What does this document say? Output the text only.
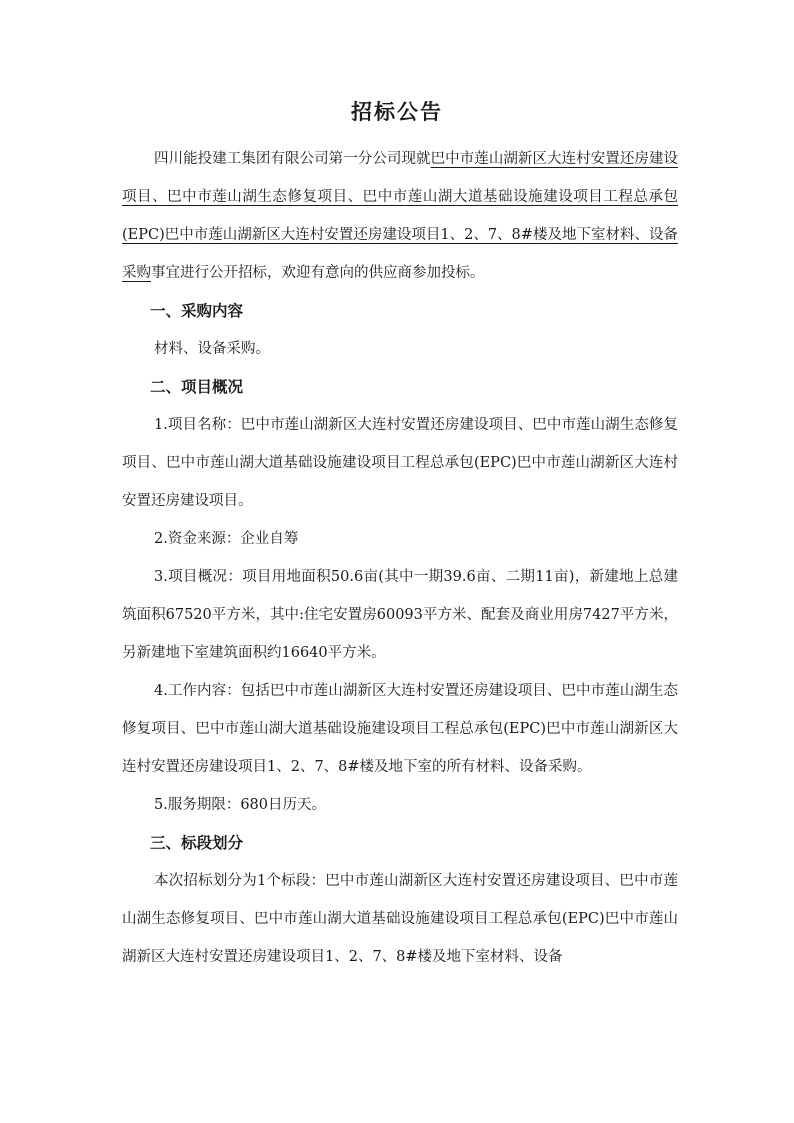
招标公告

四川能投建工集团有限公司第一分公司现就巴中市莲山湖新区大连村安置还房建设项目、巴中市莲山湖生态修复项目、巴中市莲山湖大道基础设施建设项目工程总承包(EPC)巴中市莲山湖新区大连村安置还房建设项目1、2、7、8#楼及地下室材料、设备采购事宜进行公开招标，欢迎有意向的供应商参加投标。

一、采购内容

材料、设备采购。

二、项目概况

1.项目名称：巴中市莲山湖新区大连村安置还房建设项目、巴中市莲山湖生态修复项目、巴中市莲山湖大道基础设施建设项目工程总承包(EPC)巴中市莲山湖新区大连村安置还房建设项目。

2.资金来源：企业自筹

3.项目概况：项目用地面积50.6亩(其中一期39.6亩、二期11亩)，新建地上总建筑面积67520平方米，其中:住宅安置房60093平方米、配套及商业用房7427平方米，另新建地下室建筑面积约16640平方米。

4.工作内容：包括巴中市莲山湖新区大连村安置还房建设项目、巴中市莲山湖生态修复项目、巴中市莲山湖大道基础设施建设项目工程总承包(EPC)巴中市莲山湖新区大连村安置还房建设项目1、2、7、8#楼及地下室的所有材料、设备采购。

5.服务期限：680日历天。

三、标段划分

本次招标划分为1个标段：巴中市莲山湖新区大连村安置还房建设项目、巴中市莲山湖生态修复项目、巴中市莲山湖大道基础设施建设项目工程总承包(EPC)巴中市莲山湖新区大连村安置还房建设项目1、2、7、8#楼及地下室材料、设备
